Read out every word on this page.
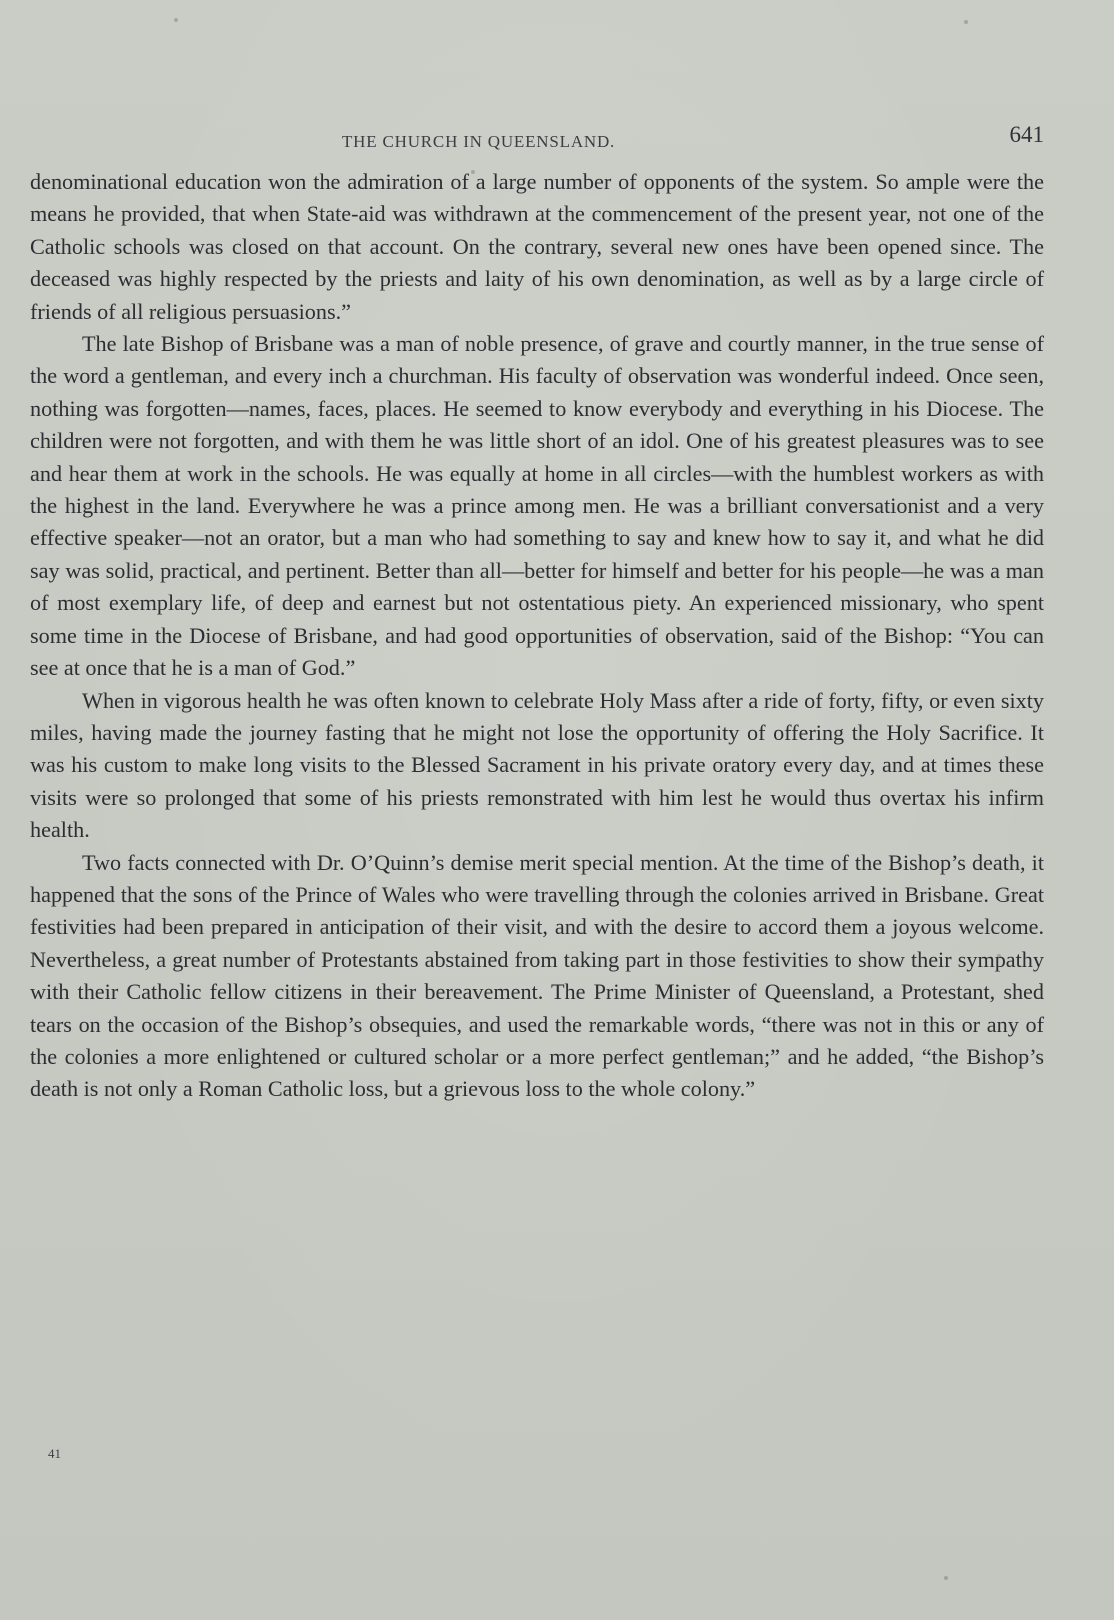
THE CHURCH IN QUEENSLAND.	641

denominational education won the admiration of a large number of opponents of the system. So ample were the means he provided, that when State-aid was withdrawn at the commencement of the present year, not one of the Catholic schools was closed on that account. On the contrary, several new ones have been opened since. The deceased was highly respected by the priests and laity of his own denomination, as well as by a large circle of friends of all religious persuasions.”

The late Bishop of Brisbane was a man of noble presence, of grave and courtly manner, in the true sense of the word a gentleman, and every inch a churchman. His faculty of observation was wonderful indeed. Once seen, nothing was forgotten—names, faces, places. He seemed to know everybody and everything in his Diocese. The children were not forgotten, and with them he was little short of an idol. One of his greatest pleasures was to see and hear them at work in the schools. He was equally at home in all circles—with the humblest workers as with the highest in the land. Everywhere he was a prince among men. He was a brilliant conversationist and a very effective speaker—not an orator, but a man who had something to say and knew how to say it, and what he did say was solid, practical, and pertinent. Better than all—better for himself and better for his people—he was a man of most exemplary life, of deep and earnest but not ostentatious piety. An experienced missionary, who spent some time in the Diocese of Brisbane, and had good opportunities of observation, said of the Bishop: “You can see at once that he is a man of God.”

When in vigorous health he was often known to celebrate Holy Mass after a ride of forty, fifty, or even sixty miles, having made the journey fasting that he might not lose the opportunity of offering the Holy Sacrifice. It was his custom to make long visits to the Blessed Sacrament in his private oratory every day, and at times these visits were so prolonged that some of his priests remonstrated with him lest he would thus overtax his infirm health.

Two facts connected with Dr. O’Quinn’s demise merit special mention. At the time of the Bishop’s death, it happened that the sons of the Prince of Wales who were travelling through the colonies arrived in Brisbane. Great festivities had been prepared in anticipation of their visit, and with the desire to accord them a joyous welcome. Nevertheless, a great number of Protestants abstained from taking part in those festivities to show their sympathy with their Catholic fellow citizens in their bereavement. The Prime Minister of Queensland, a Protestant, shed tears on the occasion of the Bishop’s obsequies, and used the remarkable words, “there was not in this or any of the colonies a more enlightened or cultured scholar or a more perfect gentleman;” and he added, “the Bishop’s death is not only a Roman Catholic loss, but a grievous loss to the whole colony.”

41
